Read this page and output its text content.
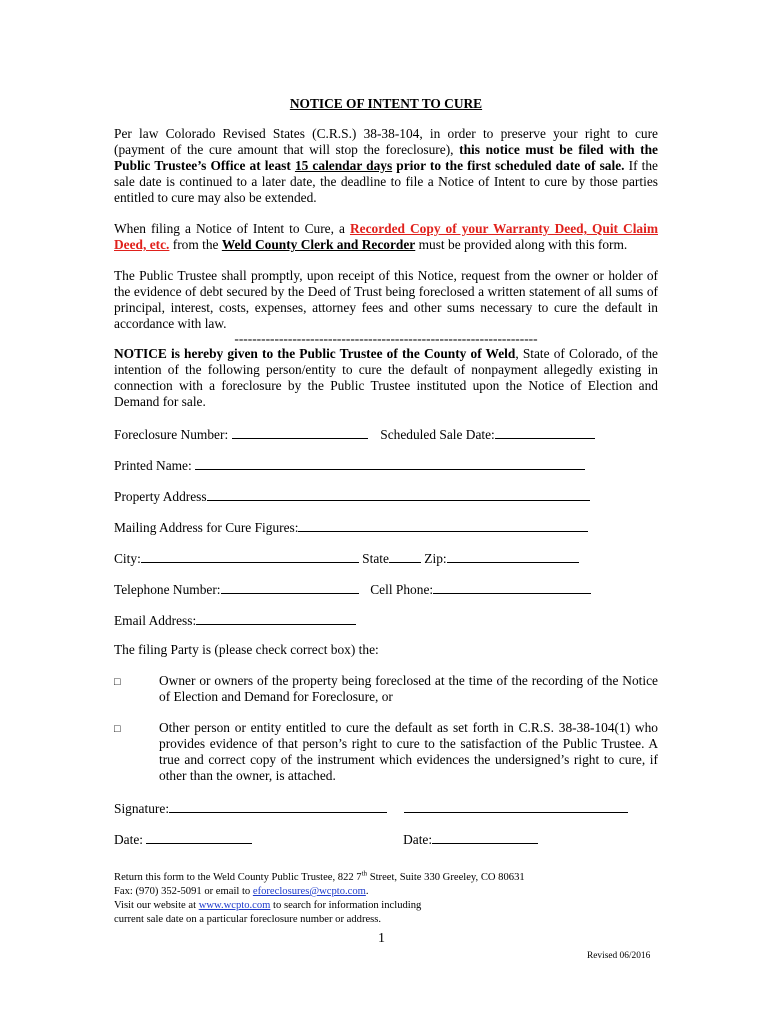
NOTICE OF INTENT TO CURE

Per law Colorado Revised States (C.R.S.) 38-38-104, in order to preserve your right to cure (payment of the cure amount that will stop the foreclosure), this notice must be filed with the Public Trustee’s Office at least 15 calendar days prior to the first scheduled date of sale. If the sale date is continued to a later date, the deadline to file a Notice of Intent to cure by those parties entitled to cure may also be extended.

When filing a Notice of Intent to Cure, a Recorded Copy of your Warranty Deed, Quit Claim Deed, etc. from the Weld County Clerk and Recorder must be provided along with this form.

The Public Trustee shall promptly, upon receipt of this Notice, request from the owner or holder of the evidence of debt secured by the Deed of Trust being foreclosed a written statement of all sums of principal, interest, costs, expenses, attorney fees and other sums necessary to cure the default in accordance with law.

--------------------------------------------------------------------

NOTICE is hereby given to the Public Trustee of the County of Weld, State of Colorado, of the intention of the following person/entity to cure the default of nonpayment allegedly existing in connection with a foreclosure by the Public Trustee instituted upon the Notice of Election and Demand for sale.

Foreclosure Number:	Scheduled Sale Date:
Printed Name:
Property Address
Mailing Address for Cure Figures:
City:	State	Zip:
Telephone Number:	Cell Phone:
Email Address:
The filing Party is (please check correct box) the:
□	Owner or owners of the property being foreclosed at the time of the recording of the Notice of Election and Demand for Foreclosure, or

□	Other person or entity entitled to cure the default as set forth in C.R.S. 38-38-104(1) who provides evidence of that person’s right to cure to the satisfaction of the Public Trustee. A true and correct copy of the instrument which evidences the undersigned’s right to cure, if other than the owner, is attached.

Signature:
Date:	Date:
Return this form to the Weld County Public Trustee, 822 7th Street, Suite 330 Greeley, CO 80631
Fax: (970) 352-5091 or email to eforeclosures@wcpto.com.
Visit our website at www.wcpto.com to search for information including
current sale date on a particular foreclosure number or address.
1
Revised 06/2016
